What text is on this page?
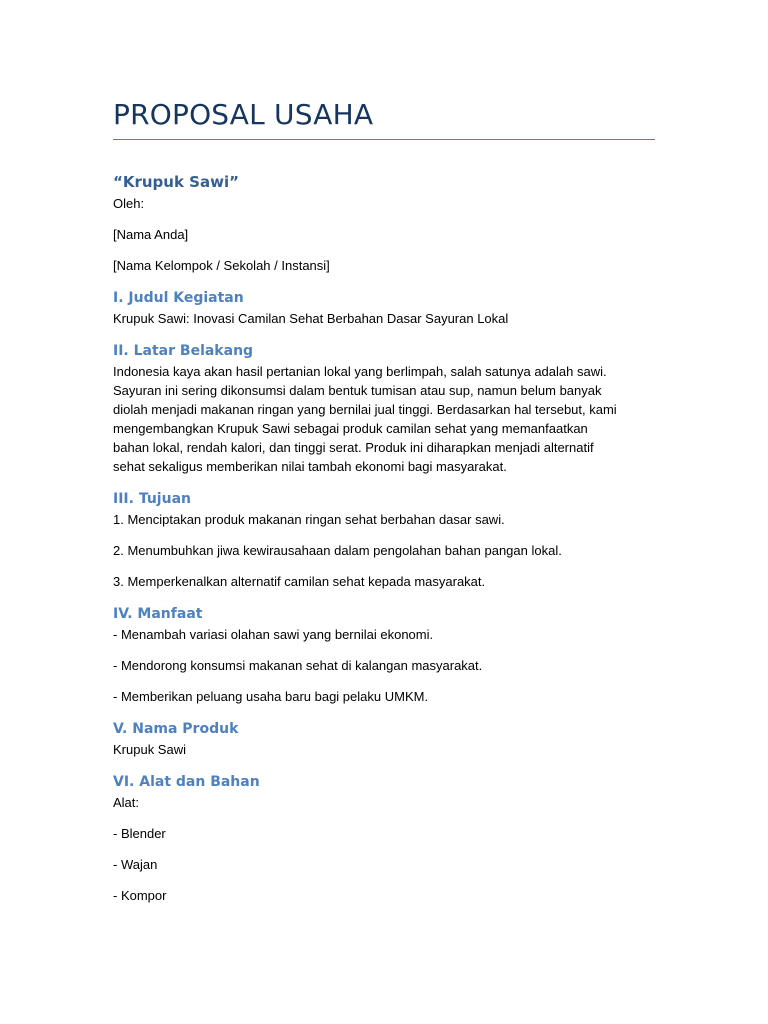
PROPOSAL USAHA
“Krupuk Sawi”

Oleh:

[Nama Anda]

[Nama Kelompok / Sekolah / Instansi]

I. Judul Kegiatan

Krupuk Sawi: Inovasi Camilan Sehat Berbahan Dasar Sayuran Lokal

II. Latar Belakang
Indonesia kaya akan hasil pertanian lokal yang berlimpah, salah satunya adalah sawi.
Sayuran ini sering dikonsumsi dalam bentuk tumisan atau sup, namun belum banyak
diolah menjadi makanan ringan yang bernilai jual tinggi. Berdasarkan hal tersebut, kami
mengembangkan Krupuk Sawi sebagai produk camilan sehat yang memanfaatkan
bahan lokal, rendah kalori, dan tinggi serat. Produk ini diharapkan menjadi alternatif
sehat sekaligus memberikan nilai tambah ekonomi bagi masyarakat.
III. Tujuan

1. Menciptakan produk makanan ringan sehat berbahan dasar sawi.

2. Menumbuhkan jiwa kewirausahaan dalam pengolahan bahan pangan lokal.

3. Memperkenalkan alternatif camilan sehat kepada masyarakat.

IV. Manfaat

- Menambah variasi olahan sawi yang bernilai ekonomi.

- Mendorong konsumsi makanan sehat di kalangan masyarakat.

- Memberikan peluang usaha baru bagi pelaku UMKM.

V. Nama Produk

Krupuk Sawi

VI. Alat dan Bahan

Alat:

- Blender

- Wajan

- Kompor
